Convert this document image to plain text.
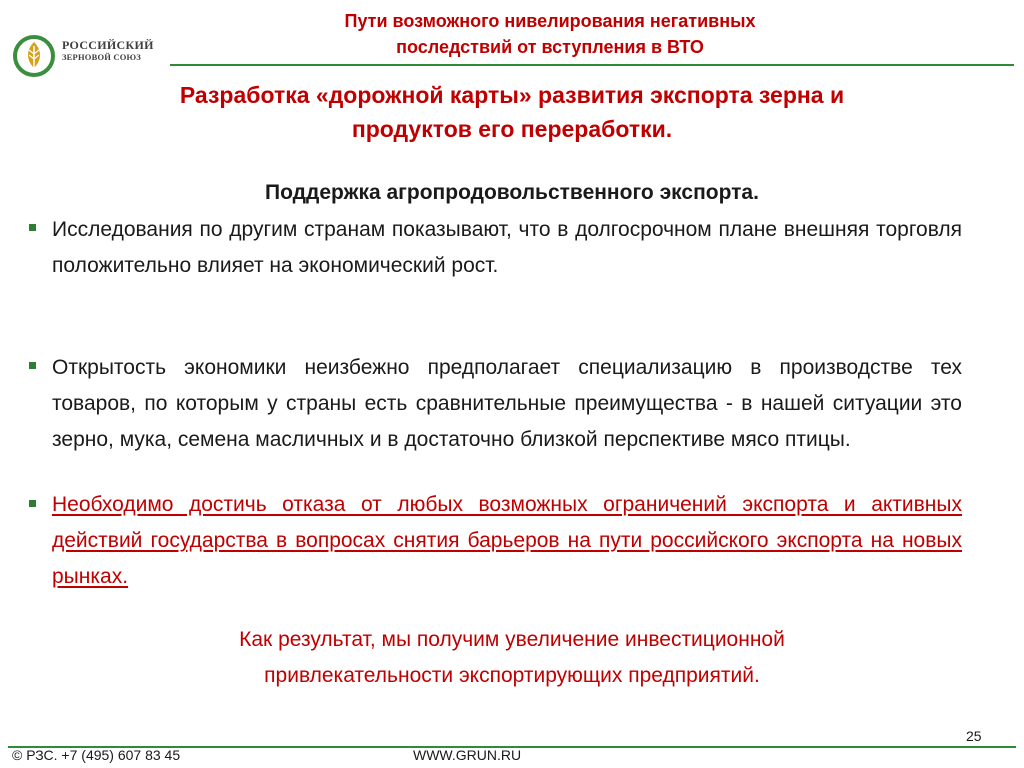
РОССИЙСКИЙ
ЗЕРНОВОЙ СОЮЗ
Пути возможного нивелирования негативных
последствий от вступления в ВТО
Разработка «дорожной карты» развития экспорта зерна и
продуктов его переработки.
Поддержка агропродовольственного экспорта.
Исследования по другим странам показывают, что в долгосрочном плане внешняя торговля положительно влияет на экономический рост.
Открытость экономики неизбежно предполагает специализацию в производстве тех товаров, по которым у страны есть сравнительные преимущества - в нашей ситуации это зерно, мука, семена масличных и в достаточно близкой перспективе мясо птицы.
Необходимо достичь отказа от любых возможных ограничений экспорта и активных действий государства в вопросах снятия барьеров на пути российского экспорта на новых рынках.
Как результат, мы получим увеличение инвестиционной
привлекательности экспортирующих предприятий.
25
© РЗС. +7 (495) 607 83 45	WWW.GRUN.RU
